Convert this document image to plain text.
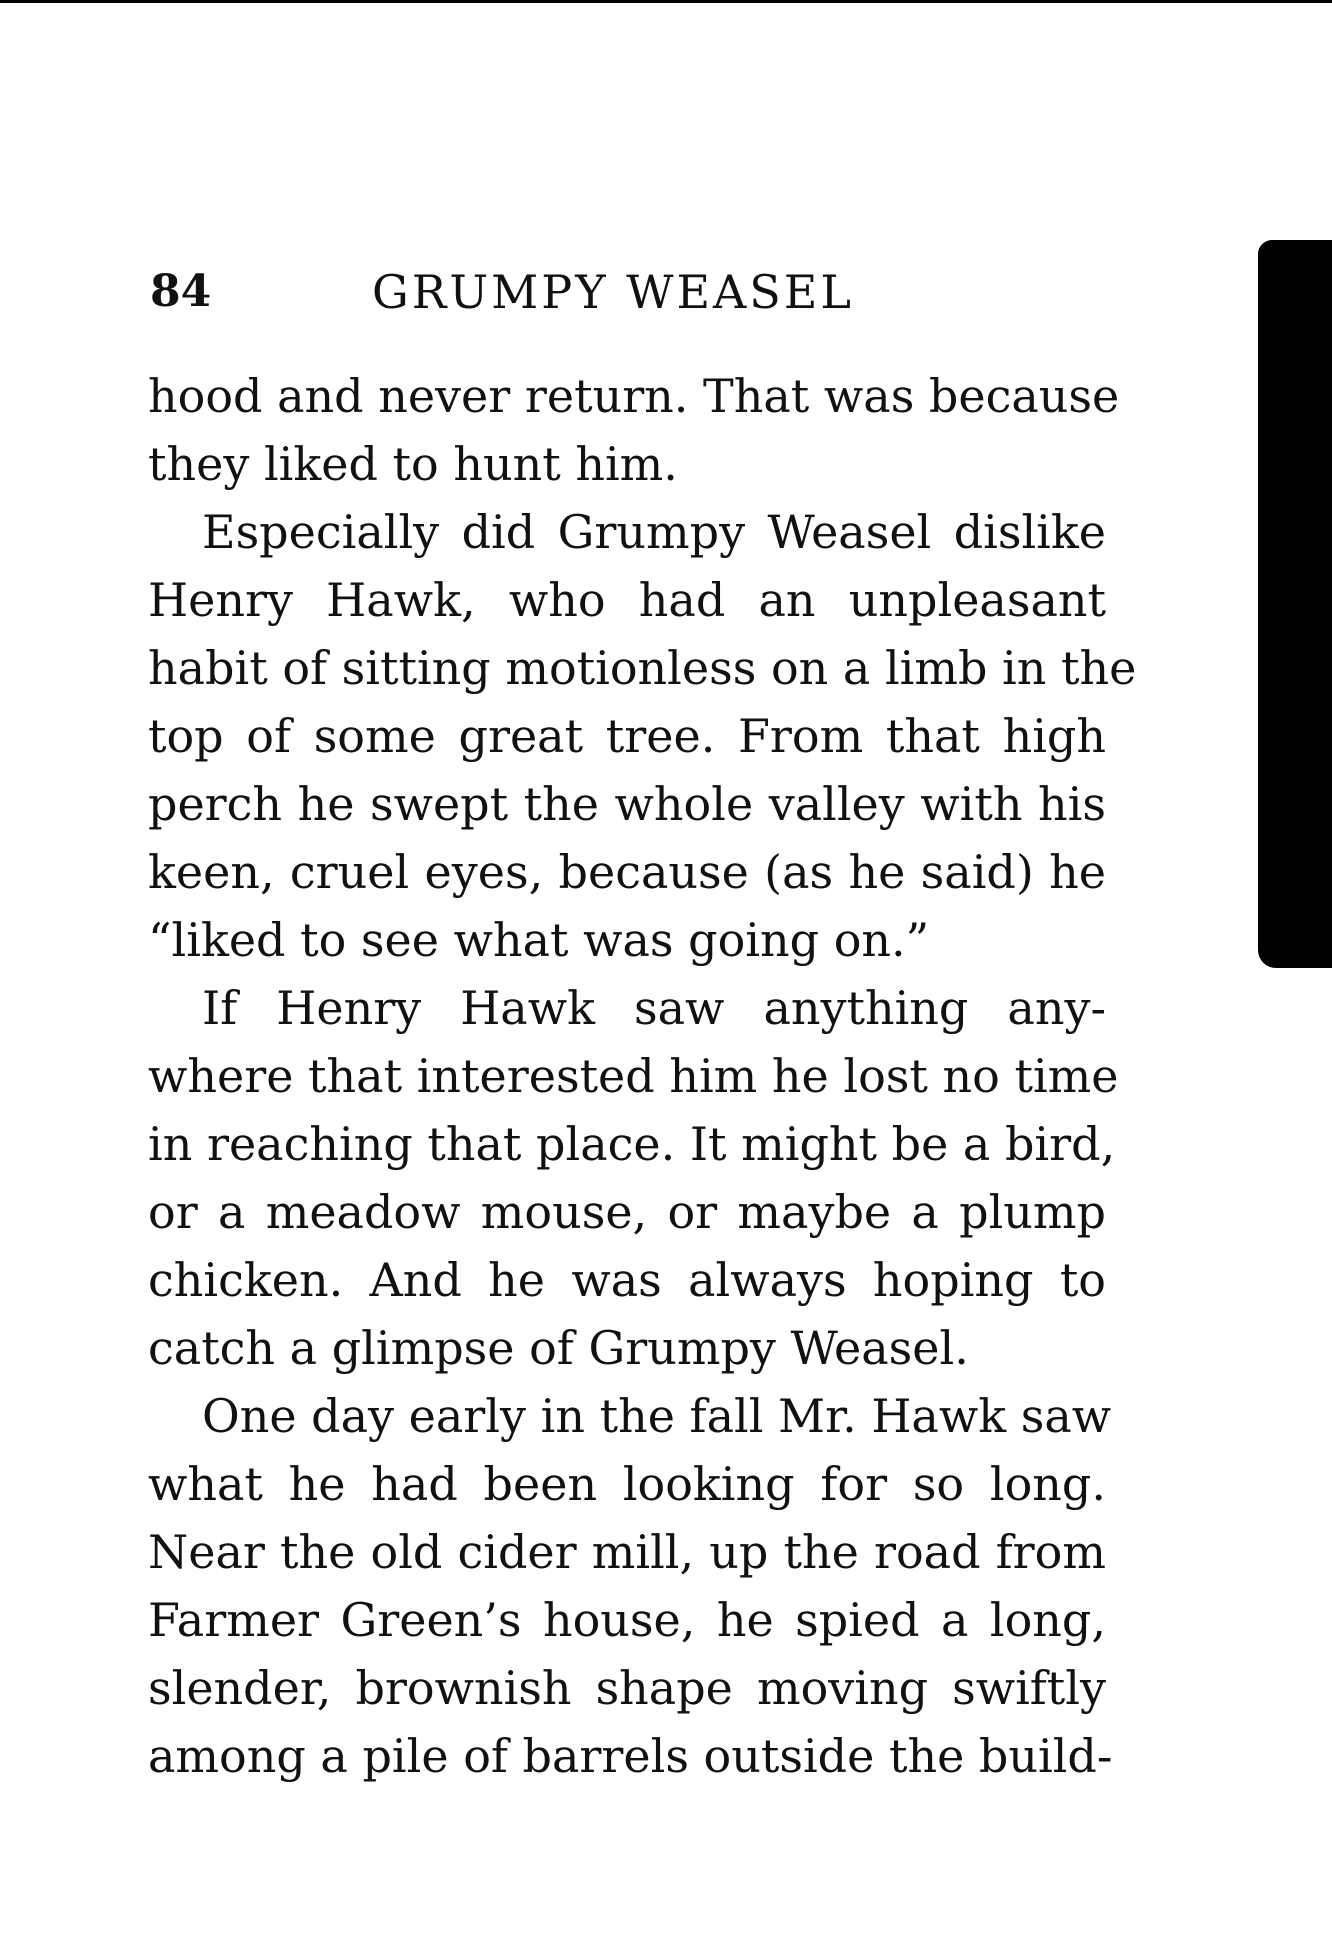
84	GRUMPY WEASEL
hood and never return. That was because
they liked to hunt him.
Especially did Grumpy Weasel dislike
Henry Hawk, who had an unpleasant
habit of sitting motionless on a limb in the
top of some great tree. From that high
perch he swept the whole valley with his
keen, cruel eyes, because (as he said) he
“liked to see what was going on.”
If Henry Hawk saw anything any-
where that interested him he lost no time
in reaching that place. It might be a bird,
or a meadow mouse, or maybe a plump
chicken. And he was always hoping to
catch a glimpse of Grumpy Weasel.
One day early in the fall Mr. Hawk saw
what he had been looking for so long.
Near the old cider mill, up the road from
Farmer Green’s house, he spied a long,
slender, brownish shape moving swiftly
among a pile of barrels outside the build-
